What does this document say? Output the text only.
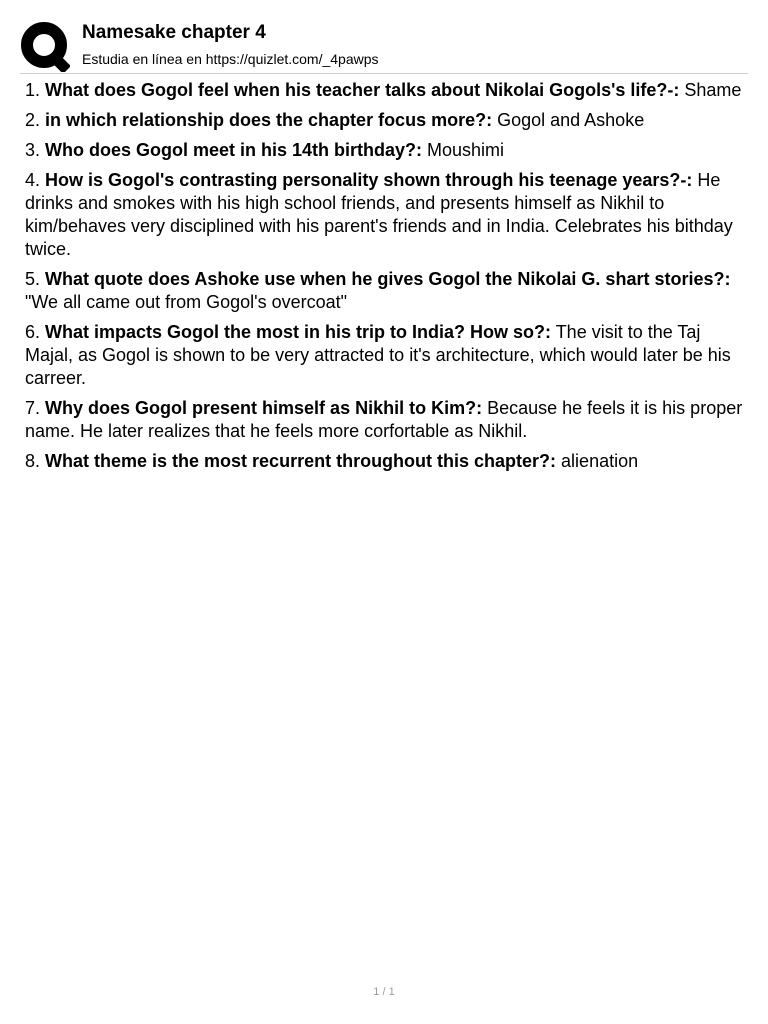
Namesake chapter 4
Estudia en línea en https://quizlet.com/_4pawps
1. What does Gogol feel when his teacher talks about Nikolai Gogols's life?-: Shame
2. in which relationship does the chapter focus more?: Gogol and Ashoke
3. Who does Gogol meet in his 14th birthday?: Moushimi
4. How is Gogol's contrasting personality shown through his teenage years?-: He drinks and smokes with his high school friends, and presents himself as Nikhil to kim/behaves very disciplined with his parent's friends and in India. Celebrates his bithday twice.
5. What quote does Ashoke use when he gives Gogol the Nikolai G. shart stories?: "We all came out from Gogol's overcoat"
6. What impacts Gogol the most in his trip to India? How so?: The visit to the Taj Majal, as Gogol is shown to be very attracted to it's architecture, which would later be his carreer.
7. Why does Gogol present himself as Nikhil to Kim?: Because he feels it is his proper name. He later realizes that he feels more corfortable as Nikhil.
8. What theme is the most recurrent throughout this chapter?: alienation
1 / 1
